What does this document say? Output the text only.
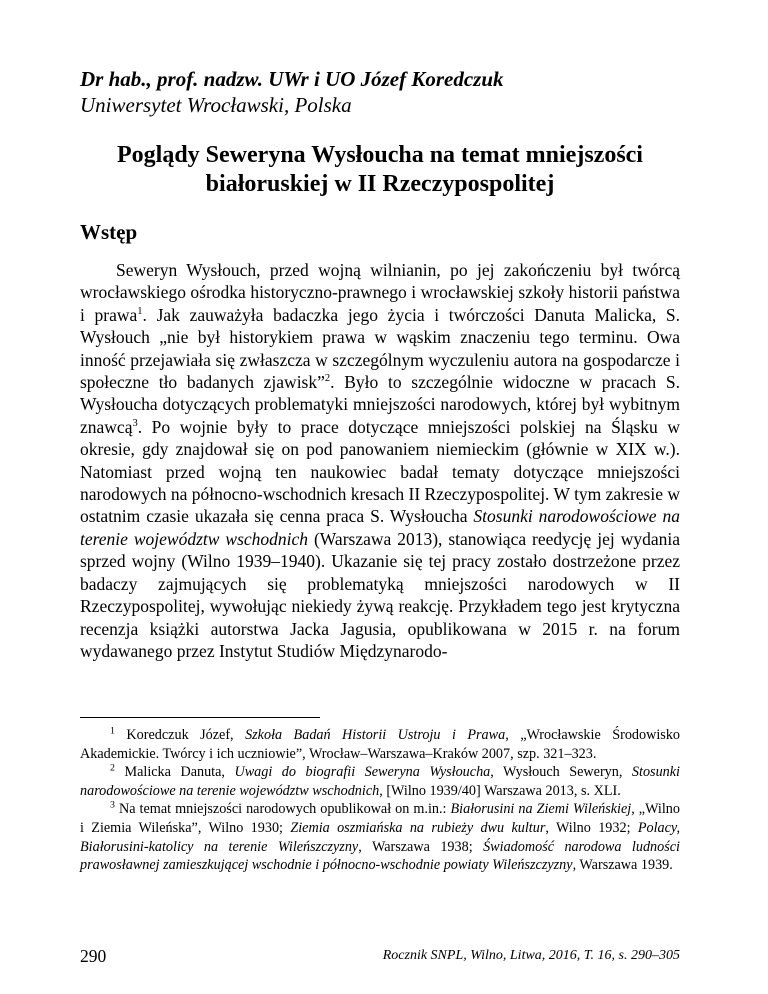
Dr hab., prof. nadzw. UWr i UO Józef Koredczuk
Uniwersytet Wrocławski, Polska
Poglądy Seweryna Wysłoucha na temat mniejszości białoruskiej w II Rzeczypospolitej
Wstęp

Seweryn Wysłouch, przed wojną wilnianin, po jej zakończeniu był twórcą wrocławskiego ośrodka historyczno-prawnego i wrocławskiej szkoły historii państwa i prawa$^1$. Jak zauważyła badaczka jego życia i twórczości Danuta Malicka, S. Wysłouch „nie był historykiem prawa w wąskim znaczeniu tego terminu. Owa inność przejawiała się zwłaszcza w szczególnym wyczuleniu autora na gospodarcze i społeczne tło badanych zjawisk”$^2$. Było to szczególnie widoczne w pracach S. Wysłoucha dotyczących problematyki mniejszości narodowych, której był wybitnym znawcą$^3$. Po wojnie były to prace dotyczące mniejszości polskiej na Śląsku w okresie, gdy znajdował się on pod panowaniem niemieckim (głównie w XIX w.). Natomiast przed wojną ten naukowiec badał tematy dotyczące mniejszości narodowych na północno-wschodnich kresach II Rzeczypospolitej. W tym zakresie w ostatnim czasie ukazała się cenna praca S. Wysłoucha Stosunki narodowościowe na terenie województw wschodnich (Warszawa 2013), stanowiąca reedycję jej wydania sprzed wojny (Wilno 1939–1940). Ukazanie się tej pracy zostało dostrzeżone przez badaczy zajmujących się problematyką mniejszości narodowych w II Rzeczypospolitej, wywołując niekiedy żywą reakcję. Przykładem tego jest krytyczna recenzja książki autorstwa Jacka Jagusia, opublikowana w 2015 r. na forum wydawanego przez Instytut Studiów Międzynarodo-

$^1$ Koredczuk Józef, Szkoła Badań Historii Ustroju i Prawa, „Wrocławskie Środowisko Akademickie. Twórcy i ich uczniowie”, Wrocław–Warszawa–Kraków 2007, szp. 321–323.
$^2$ Malicka Danuta, Uwagi do biografii Seweryna Wysłoucha, Wysłouch Seweryn, Stosunki narodowościowe na terenie województw wschodnich, [Wilno 1939/40] Warszawa 2013, s. XLI.
$^3$ Na temat mniejszości narodowych opublikował on m.in.: Białorusini na Ziemi Wileńskiej, „Wilno i Ziemia Wileńska”, Wilno 1930; Ziemia oszmiańska na rubieży dwu kultur, Wilno 1932; Polacy, Białorusini-katolicy na terenie Wileńszczyzny, Warszawa 1938; Świadomość narodowa ludności prawosławnej zamieszkującej wschodnie i północno-wschodnie powiaty Wileńszczyzny, Warszawa 1939.
290	Rocznik SNPL, Wilno, Litwa, 2016, T. 16, s. 290–305
